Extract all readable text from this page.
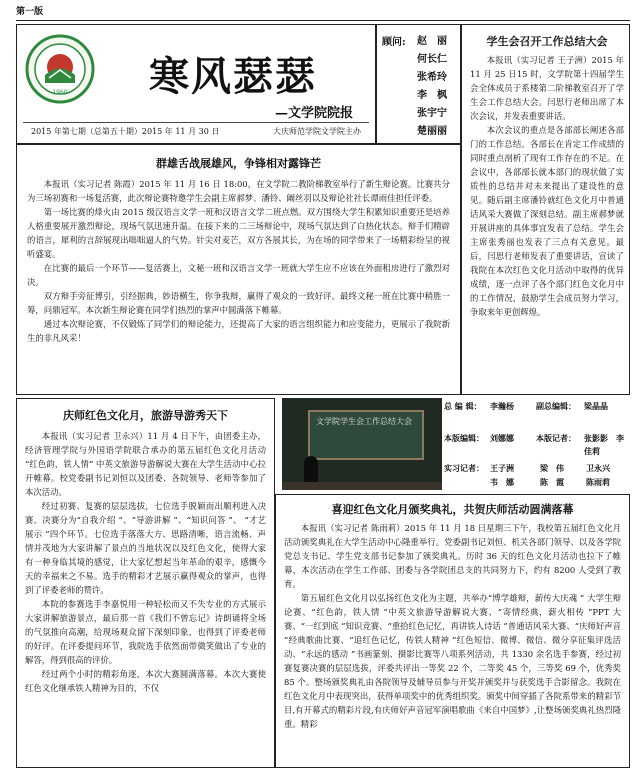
第一版
1960 寒风瑟瑟
—文学院院报
2015 年第七期（总第五十期）2015 年 11 月 30 日	大庆师范学院文学院主办
顾问: 赵　丽
何长仁
张希玲
李　枫
张宇宁
楚丽丽

学生会召开工作总结大会

本报讯（实习记者 王子洲）2015 年 11 月 25 日15 时，文学院第十四届学生会全体成员于系楼第二阶梯教室召开了学生会工作总结大会。闫思行老师出席了本次会议，并发表重要讲话。

本次会议的重点是各部部长阐述各部门的工作总结。各部长在肯定工作成绩的同时重点剖析了现有工作存在的不足。在会议中，各部部长就本部门的现状做了实质性的总结并对未来提出了建设性的意见。随后副主席潘铃就红色文化月中普通话风采大赛做了深刻总结。副主席郝梦就开展讲座的具体事宜发表了总结。学生会主席张秀丽也发表了三点有关意见。最后，闫思行老师发表了重要讲话，宣读了我院在本次红色文化月活动中取得的优异成绩，逐一点评了各个部门红色文化月中的工作情况，鼓励学生会成员努力学习，争取来年更创辉煌。

群雄舌战展雄风，争锋相对露锋芒

本报讯（实习记者 陈霞）2015 年 11 月 16 日 18:00，在文学院二教阶梯教室举行了新生辩论赛。比赛共分为三场初赛和一场复活赛，此次辩论赛特邀学生会副主席郝梦、潘铃、阚丝羽以及辩论社社长谭雨佳担任评委。

第一场比赛的烽火由 2015 级汉语言文学一班和汉语言文学二班点燃。双方围绕大学生积累知识重要还是培养人格重要展开激烈辩论，现场气氛迅速升温。在接下来的二三场辩论中，现场气氛达到了白热化状态。辩手们精辟的语言，犀利的言辞展现出咄咄逼人的气势。针尖对麦芒，双方各展其长，为在场的同学带来了一场精彩纷呈的视听盛宴。

在比赛的最后一个环节——复活赛上，文秘一班和汉语言文学一班就大学生应不应该在外面租房进行了激烈对决。

双方辩手旁征博引，引经据典，妙语横生，你争我辩，赢得了观众的一致好评。最终文秘一班在比赛中稍胜一筹，问鼎冠军。本次新生辩论赛在同学们热烈的掌声中圆满落下帷幕。

通过本次辩论赛，不仅锻炼了同学们的辩论能力，还提高了大家的语言组织能力和应变能力，更展示了我院新生的非凡风采！

庆师红色文化月，旅游导游秀天下

本报讯（实习记者 卫永兴）11 月 4 日下午，由团委主办，经济管理学院与外国语学院联合承办的第五届红色文化月活动 “红色韵，铁人情” 中英文旅游导游解说大赛在大学生活动中心拉开帷幕。校党委副书记刘恒以及团委、各院领导、老师等参加了本次活动。

经过初赛、复赛的层层选拔，七位选手脱颖而出顺利进入决赛。决赛分为“自我介绍 ”、“导游讲解 ”、“知识问答 ”、 “才艺展示 ”四个环节。七位选手落落大方、思路清晰，语言流畅、声情并茂地为大家讲解了景点的当地状况以及红色文化，使得大家有一种身临其境的感觉，让大家忆想起当年革命的艰辛，感慨今天的幸福来之不易。选手的精彩才艺展示赢得观众的掌声，也得到了评委老师的赞许。

本院的参赛选手李嘉悦用一种轻松而又不失专业的方式展示大家讲解旅游景点，最后那一首《我们不曾忘记》诗朗诵将全场的气氛推向高潮，给现场观众留下深刻印象，也得到了评委老师的好评。在评委提问环节，我院选手依然面带微笑做出了专业的解答，得到很高的评价。

经过两个小时的精彩角逐，本次大赛圆满落幕。本次大赛使红色文化继承铁人精神为目的，不仅

文学院学生会工作总结大会
总 编 辑： 李瀚杨	副总编辑： 梁晶晶
本版编辑： 刘娜娜	本版记者： 张影影　李佳莉
实习记者： 王子洲	梁　伟	卫永兴
韦　娜	陈　霞	陈雨莉

喜迎红色文化月颁奖典礼，共贺庆师活动圆满落幕

本报讯（实习记者 陈雨莉）2015 年 11 月 18 日星期三下午，我校第五届红色文化月活动颁奖典礼在大学生活动中心隆重举行。党委副书记刘恒、机关各部门领导、以及各学院党总支书记、学生党支部书记参加了颁奖典礼。历时 36 天的红色文化月活动也拉下了帷幕，本次活动在学生工作部、团委与各学院团总支的共同努力下，约有 8200 人受到了教育。

第五届红色文化月以弘扬红色文化为主题，共举办“博学雄辩，薪传大庆魂 ” 大学生辩论赛、“红色韵，铁人情 ”中英文旅游导游解说大赛、“寄情经典，薪火相传 ”PPT 大赛、“一红到底 ”知识竞赛、“重拾红色记忆，再讲铁人诗话 ”普通话风采大赛、“庆师好声音 ”经典歌曲比赛、“追红色记忆，传铁人精神 ”红色短信、微博、微信、微分享征集评选活动、“永远的感动 ”书画篆刻、摄影比赛等八项系列活动，共 1330 余名选手参赛，经过初赛复赛决赛的层层选拔，评委共评出一等奖 22 个，二等奖 45 个，三等奖 69 个，优秀奖 85 个。整场颁奖典礼由各院领导及辅导员参与开奖并颁奖并与获奖选手合影留念。我院在红色文化月中表现突出，获得单项奖中的优秀组织奖。颁奖中间穿插了各院系带来的精彩节目,有开幕式的精彩片段,有庆师好声音冠军演唱歌曲《来自中国梦》,让整场颁奖典礼热烈隆重。精彩
